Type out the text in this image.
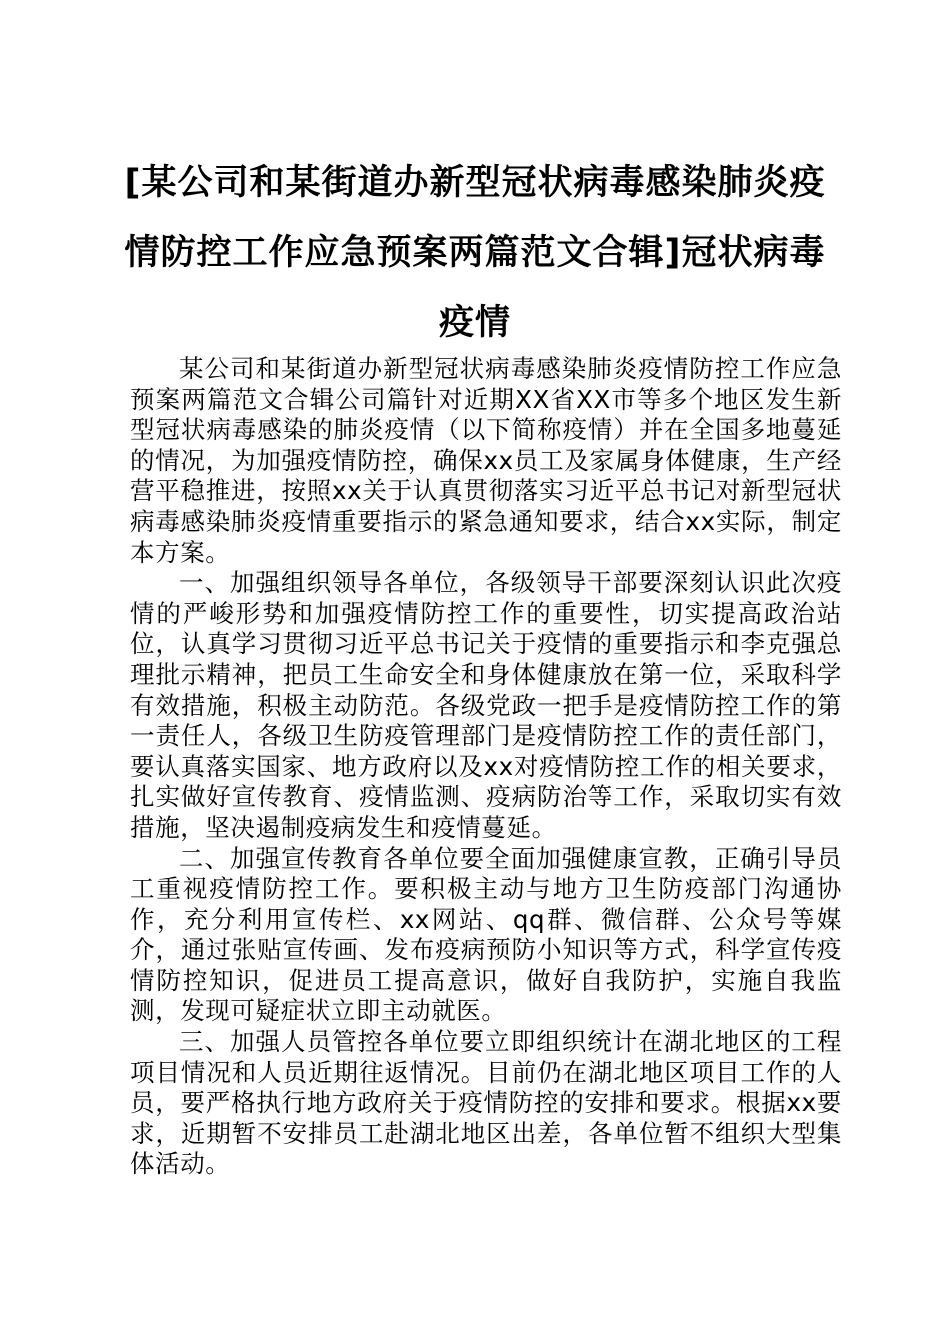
[某公司和某街道办新型冠状病毒感染肺炎疫情防控工作应急预案两篇范文合辑]冠状病毒疫情

某公司和某街道办新型冠状病毒感染肺炎疫情防控工作应急预案两篇范文合辑公司篇针对近期XX省XX市等多个地区发生新型冠状病毒感染的肺炎疫情（以下简称疫情）并在全国多地蔓延的情况，为加强疫情防控，确保xx员工及家属身体健康，生产经营平稳推进，按照xx关于认真贯彻落实习近平总书记对新型冠状病毒感染肺炎疫情重要指示的紧急通知要求，结合xx实际，制定本方案。

一、加强组织领导各单位，各级领导干部要深刻认识此次疫情的严峻形势和加强疫情防控工作的重要性，切实提高政治站位，认真学习贯彻习近平总书记关于疫情的重要指示和李克强总理批示精神，把员工生命安全和身体健康放在第一位，采取科学有效措施，积极主动防范。各级党政一把手是疫情防控工作的第一责任人，各级卫生防疫管理部门是疫情防控工作的责任部门，要认真落实国家、地方政府以及xx对疫情防控工作的相关要求，扎实做好宣传教育、疫情监测、疫病防治等工作，采取切实有效措施，坚决遏制疫病发生和疫情蔓延。

二、加强宣传教育各单位要全面加强健康宣教，正确引导员工重视疫情防控工作。要积极主动与地方卫生防疫部门沟通协作，充分利用宣传栏、xx网站、qq群、微信群、公众号等媒介，通过张贴宣传画、发布疫病预防小知识等方式，科学宣传疫情防控知识，促进员工提高意识，做好自我防护，实施自我监测，发现可疑症状立即主动就医。

三、加强人员管控各单位要立即组织统计在湖北地区的工程项目情况和人员近期往返情况。目前仍在湖北地区项目工作的人员，要严格执行地方政府关于疫情防控的安排和要求。根据xx要求，近期暂不安排员工赴湖北地区出差，各单位暂不组织大型集体活动。
